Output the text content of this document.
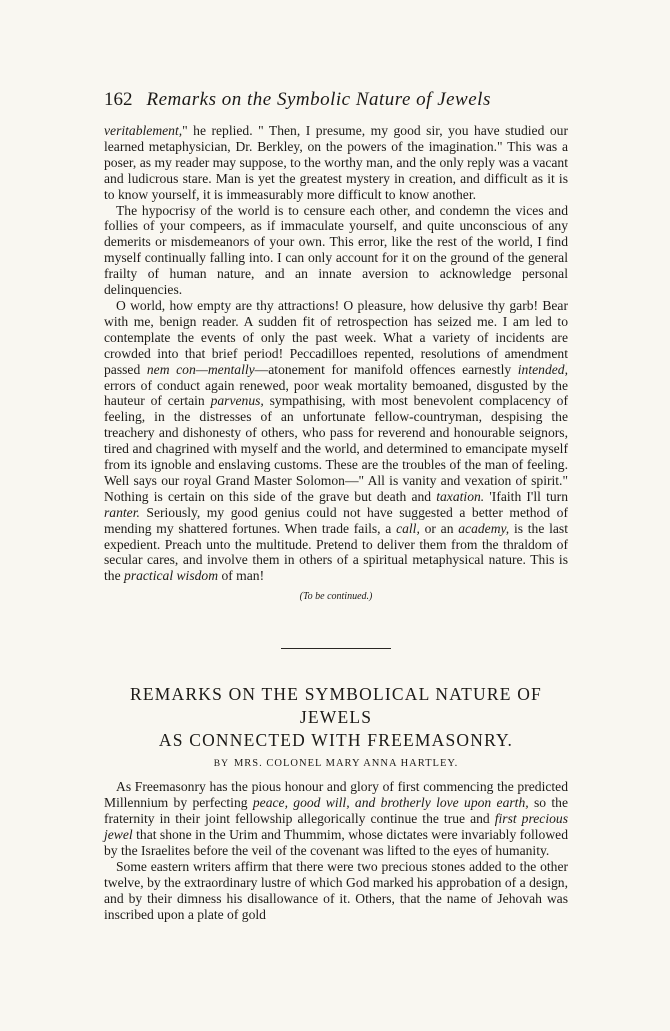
162 Remarks on the Symbolic Nature of Jewels

veritablement," he replied. " Then, I presume, my good sir, you have studied our learned metaphysician, Dr. Berkley, on the powers of the imagination." This was a poser, as my reader may suppose, to the worthy man, and the only reply was a vacant and ludicrous stare. Man is yet the greatest mystery in creation, and difficult as it is to know yourself, it is immeasurably more difficult to know another.

The hypocrisy of the world is to censure each other, and condemn the vices and follies of your compeers, as if immaculate yourself, and quite unconscious of any demerits or misdemeanors of your own. This error, like the rest of the world, I find myself continually falling into. I can only account for it on the ground of the general frailty of human nature, and an innate aversion to acknowledge personal delinquencies.

O world, how empty are thy attractions! O pleasure, how delusive thy garb! Bear with me, benign reader. A sudden fit of retrospection has seized me. I am led to contemplate the events of only the past week. What a variety of incidents are crowded into that brief period! Peccadilloes repented, resolutions of amendment passed nem con—mentally—atonement for manifold offences earnestly intended, errors of conduct again renewed, poor weak mortality bemoaned, disgusted by the hauteur of certain parvenus, sympathising, with most benevolent complacency of feeling, in the distresses of an unfortunate fellow-countryman, despising the treachery and dishonesty of others, who pass for reverend and honourable seignors, tired and chagrined with myself and the world, and determined to emancipate myself from its ignoble and enslaving customs. These are the troubles of the man of feeling. Well says our royal Grand Master Solomon—" All is vanity and vexation of spirit." Nothing is certain on this side of the grave but death and taxation. 'Ifaith I'll turn ranter. Seriously, my good genius could not have suggested a better method of mending my shattered fortunes. When trade fails, a call, or an academy, is the last expedient. Preach unto the multitude. Pretend to deliver them from the thraldom of secular cares, and involve them in others of a spiritual metaphysical nature. This is the practical wisdom of man!

(To be continued.)

REMARKS ON THE SYMBOLICAL NATURE OF JEWELS
AS CONNECTED WITH FREEMASONRY.
BY MRS. COLONEL MARY ANNA HARTLEY.

As Freemasonry has the pious honour and glory of first commencing the predicted Millennium by perfecting peace, good will, and brotherly love upon earth, so the fraternity in their joint fellowship allegorically continue the true and first precious jewel that shone in the Urim and Thummim, whose dictates were invariably followed by the Israelites before the veil of the covenant was lifted to the eyes of humanity.

Some eastern writers affirm that there were two precious stones added to the other twelve, by the extraordinary lustre of which God marked his approbation of a design, and by their dimness his disallowance of it. Others, that the name of Jehovah was inscribed upon a plate of gold
